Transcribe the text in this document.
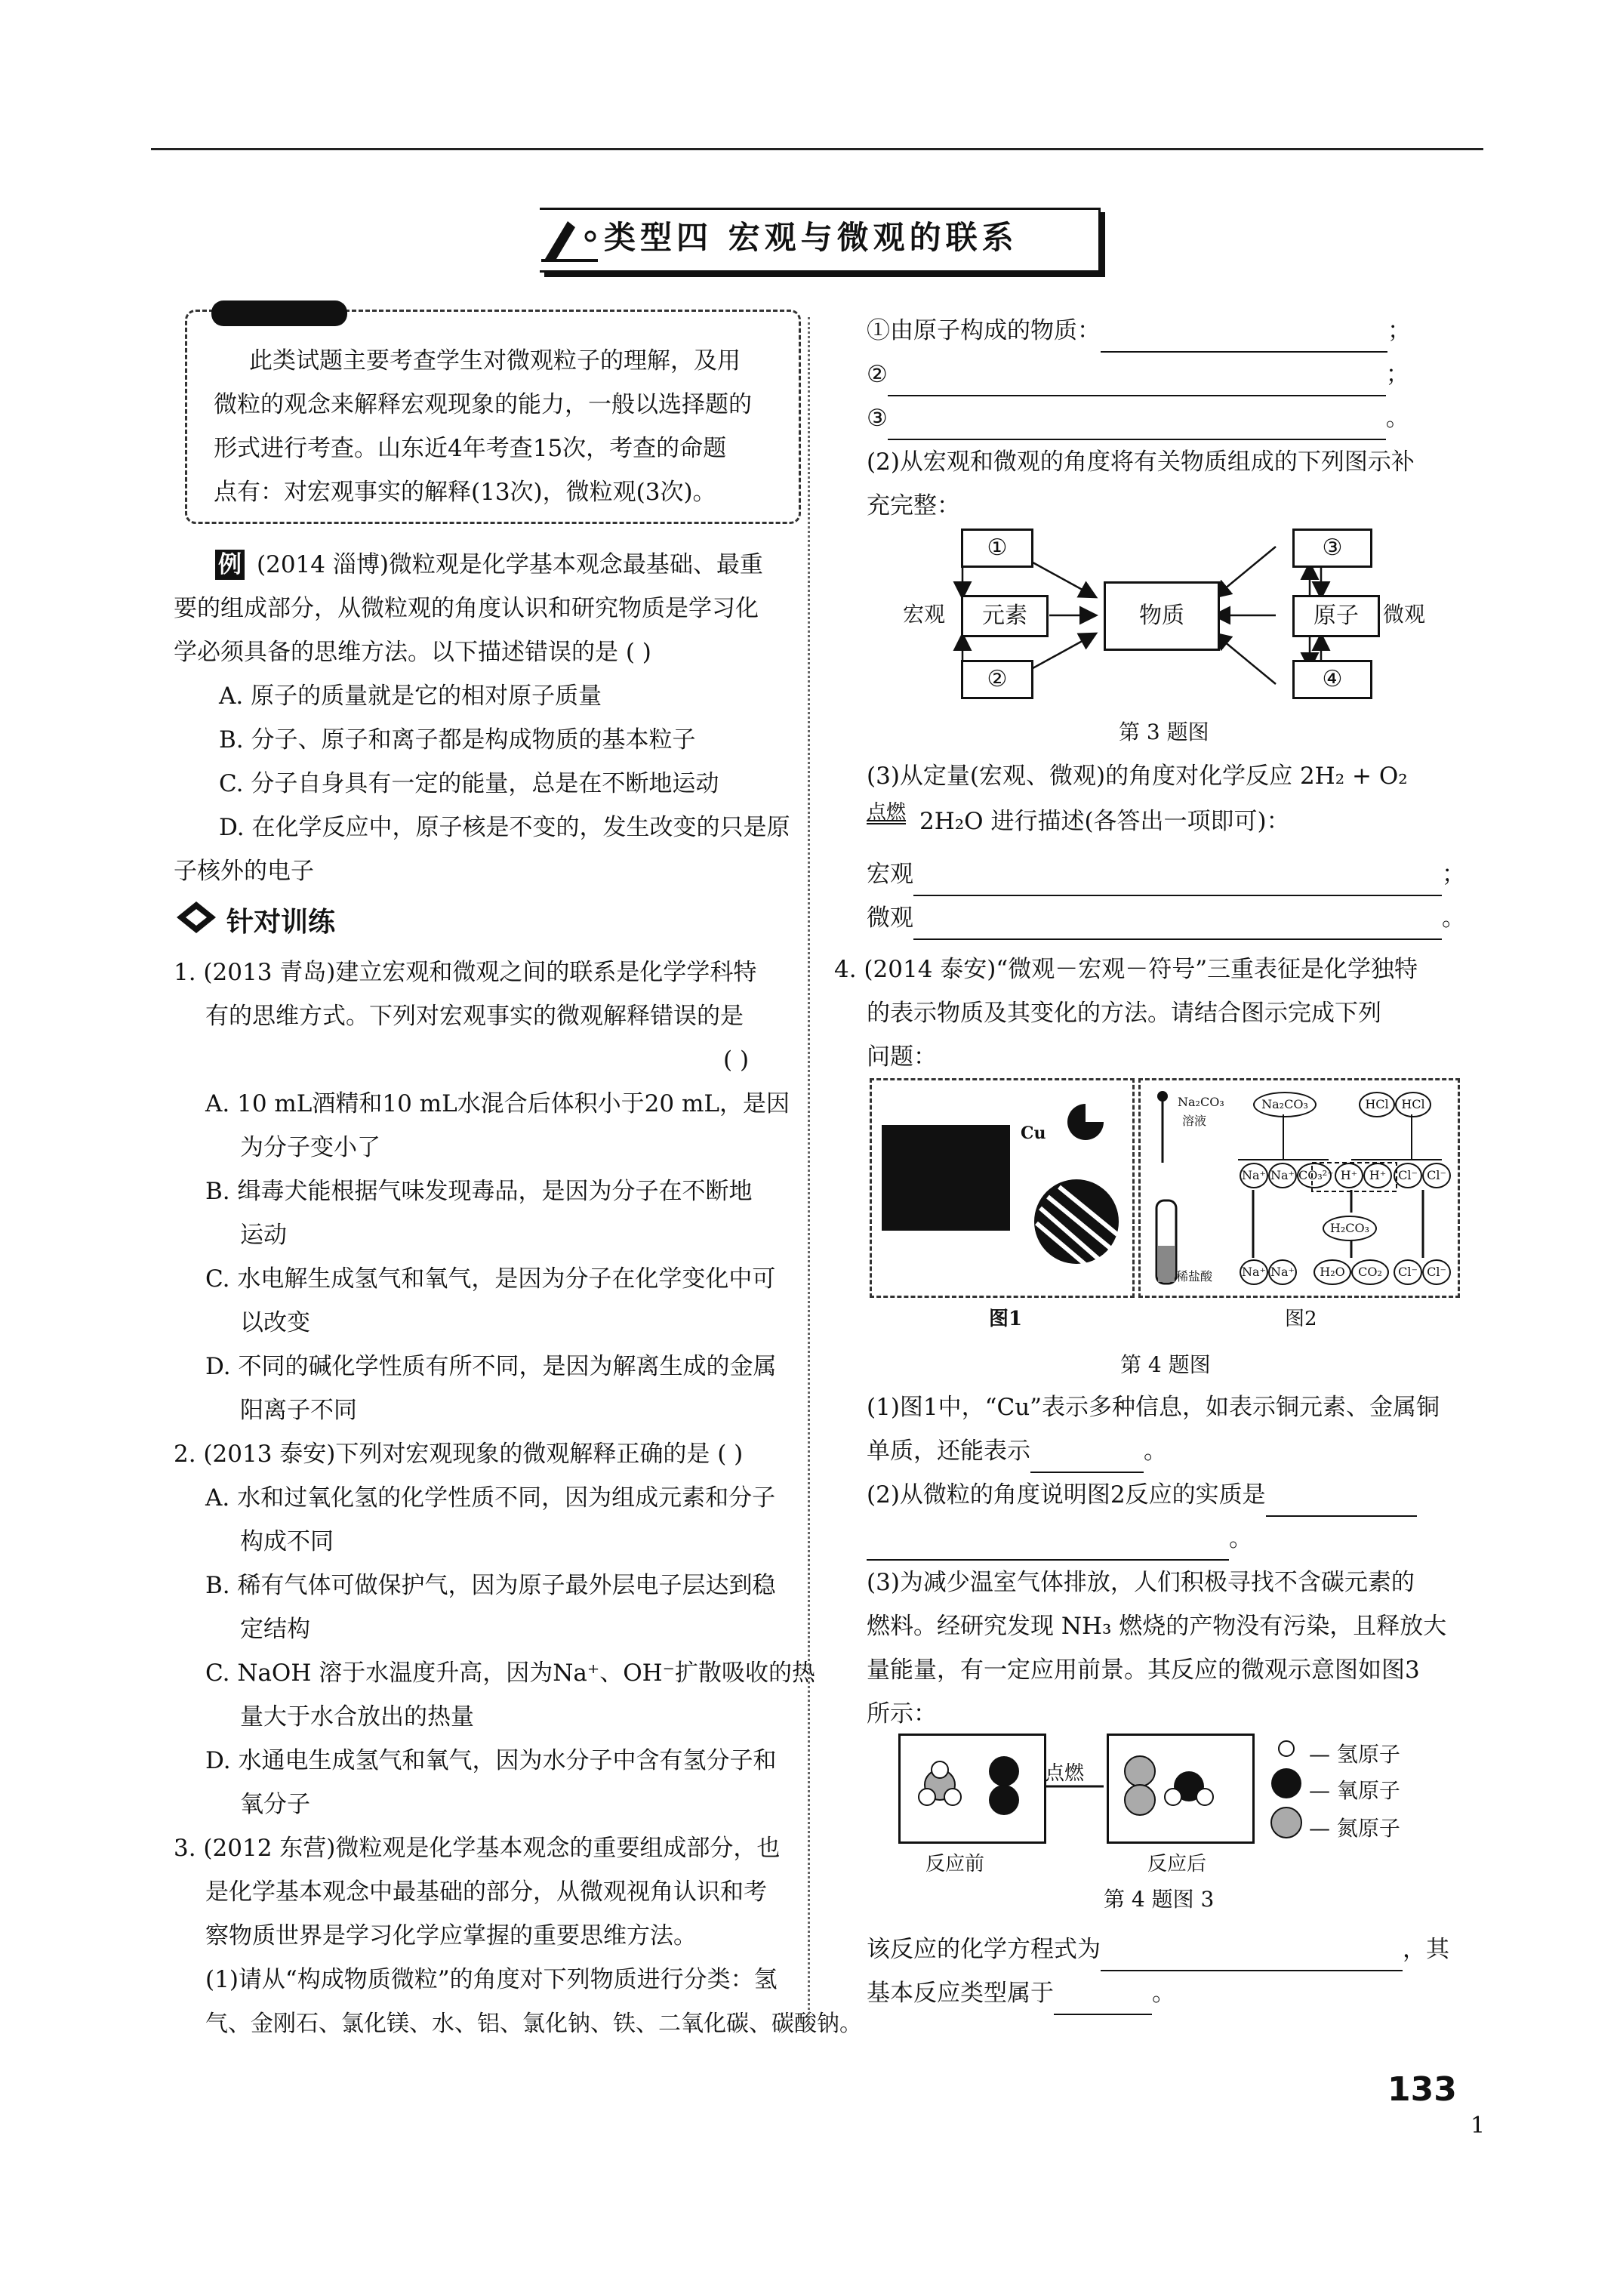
类型四 宏观与微观的联系
此类试题主要考查学生对微观粒子的理解，及用
微粒的观念来解释宏观现象的能力，一般以选择题的
形式进行考查。山东近4年考查15次，考查的命题
点有：对宏观事实的解释(13次)，微粒观(3次)。
例 (2014 淄博)微粒观是化学基本观念最基础、最重
要的组成部分，从微粒观的角度认识和研究物质是学习化
学必须具备的思维方法。以下描述错误的是 ( )
A. 原子的质量就是它的相对原子质量
B. 分子、原子和离子都是构成物质的基本粒子
C. 分子自身具有一定的能量，总是在不断地运动
D. 在化学反应中，原子核是不变的，发生改变的只是原
子核外的电子
针对训练
1. (2013 青岛)建立宏观和微观之间的联系是化学学科特
有的思维方式。下列对宏观事实的微观解释错误的是
( )
A. 10 mL酒精和10 mL水混合后体积小于20 mL，是因
为分子变小了
B. 缉毒犬能根据气味发现毒品，是因为分子在不断地
运动
C. 水电解生成氢气和氧气，是因为分子在化学变化中可
以改变
D. 不同的碱化学性质有所不同，是因为解离生成的金属
阳离子不同
2. (2013 泰安)下列对宏观现象的微观解释正确的是 ( )
A. 水和过氧化氢的化学性质不同，因为组成元素和分子
构成不同
B. 稀有气体可做保护气，因为原子最外层电子层达到稳
定结构
C. NaOH 溶于水温度升高，因为Na⁺、OH⁻扩散吸收的热
量大于水合放出的热量
D. 水通电生成氢气和氧气，因为水分子中含有氢分子和
氧分子
3. (2012 东营)微粒观是化学基本观念的重要组成部分，也
是化学基本观念中最基础的部分，从微观视角认识和考
察物质世界是学习化学应掌握的重要思维方法。
(1)请从“构成物质微粒”的角度对下列物质进行分类：氢
气、金刚石、氯化镁、水、铝、氯化钠、铁、二氧化碳、碳酸钠。
①由原子构成的物质：	；
②	；
③	。
(2)从宏观和微观的角度将有关物质组成的下列图示补
充完整：
①
元素
②
物质
③
原子
④
宏观	微观
第 3 题图
(3)从定量(宏观、微观)的角度对化学反应 2H₂ + O₂
点燃 2H₂O 进行描述(各答出一项即可)：
宏观	；
微观	。
4. (2014 泰安)“微观－宏观－符号”三重表征是化学独特
的表示物质及其变化的方法。请结合图示完成下列
问题：
Cu
Na₂CO₃
溶液
稀盐酸
Na₂CO₃	HCl	HCl
Na⁺ Na⁺ CO₃²⁻ H⁺ H⁺ Cl⁻ Cl⁻
H₂CO₃
Na⁺ Na⁺	H₂O	CO₂	Cl⁻ Cl⁻
图1	图2
第 4 题图
(1)图1中，“Cu”表示多种信息，如表示铜元素、金属铜
单质，还能表示	。
(2)从微粒的角度说明图2反应的实质是
。
(3)为减少温室气体排放，人们积极寻找不含碳元素的
燃料。经研究发现 NH₃ 燃烧的产物没有污染，且释放大
量能量，有一定应用前景。其反应的微观示意图如图3
所示：
点燃
反应前	反应后
— 氢原子
— 氧原子
— 氮原子
第 4 题图 3
该反应的化学方程式为	，其
基本反应类型属于	。
133
1
